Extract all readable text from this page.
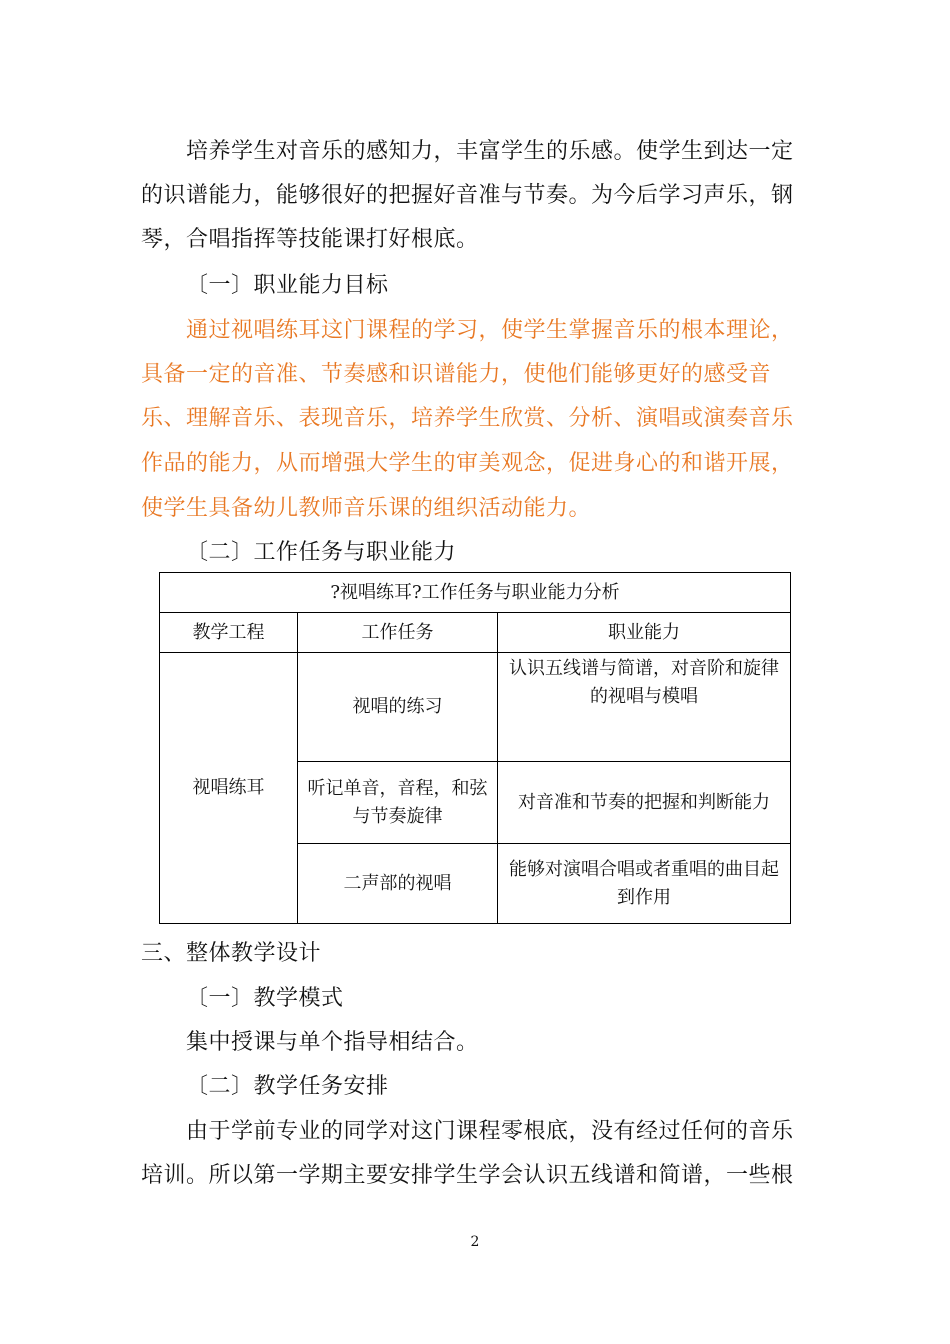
培养学生对音乐的感知力，丰富学生的乐感。使学生到达一定
的识谱能力，能够很好的把握好音准与节奏。为今后学习声乐，钢
琴，合唱指挥等技能课打好根底。
〔一〕职业能力目标
通过视唱练耳这门课程的学习，使学生掌握音乐的根本理论，
具备一定的音准、节奏感和识谱能力，使他们能够更好的感受音
乐、理解音乐、表现音乐，培养学生欣赏、分析、演唱或演奏音乐
作品的能力，从而增强大学生的审美观念，促进身心的和谐开展，
使学生具备幼儿教师音乐课的组织活动能力。
〔二〕工作任务与职业能力
?视唱练耳?工作任务与职业能力分析		
教学工程	工作任务	职业能力
视唱练耳	视唱的练习	认识五线谱与简谱，对音阶和旋律的视唱与模唱
	听记单音，音程，和弦与节奏旋律	对音准和节奏的把握和判断能力
	二声部的视唱	能够对演唱合唱或者重唱的曲目起到作用
三、整体教学设计
〔一〕教学模式
集中授课与单个指导相结合。
〔二〕教学任务安排
由于学前专业的同学对这门课程零根底，没有经过任何的音乐
培训。所以第一学期主要安排学生学会认识五线谱和简谱，一些根
2
